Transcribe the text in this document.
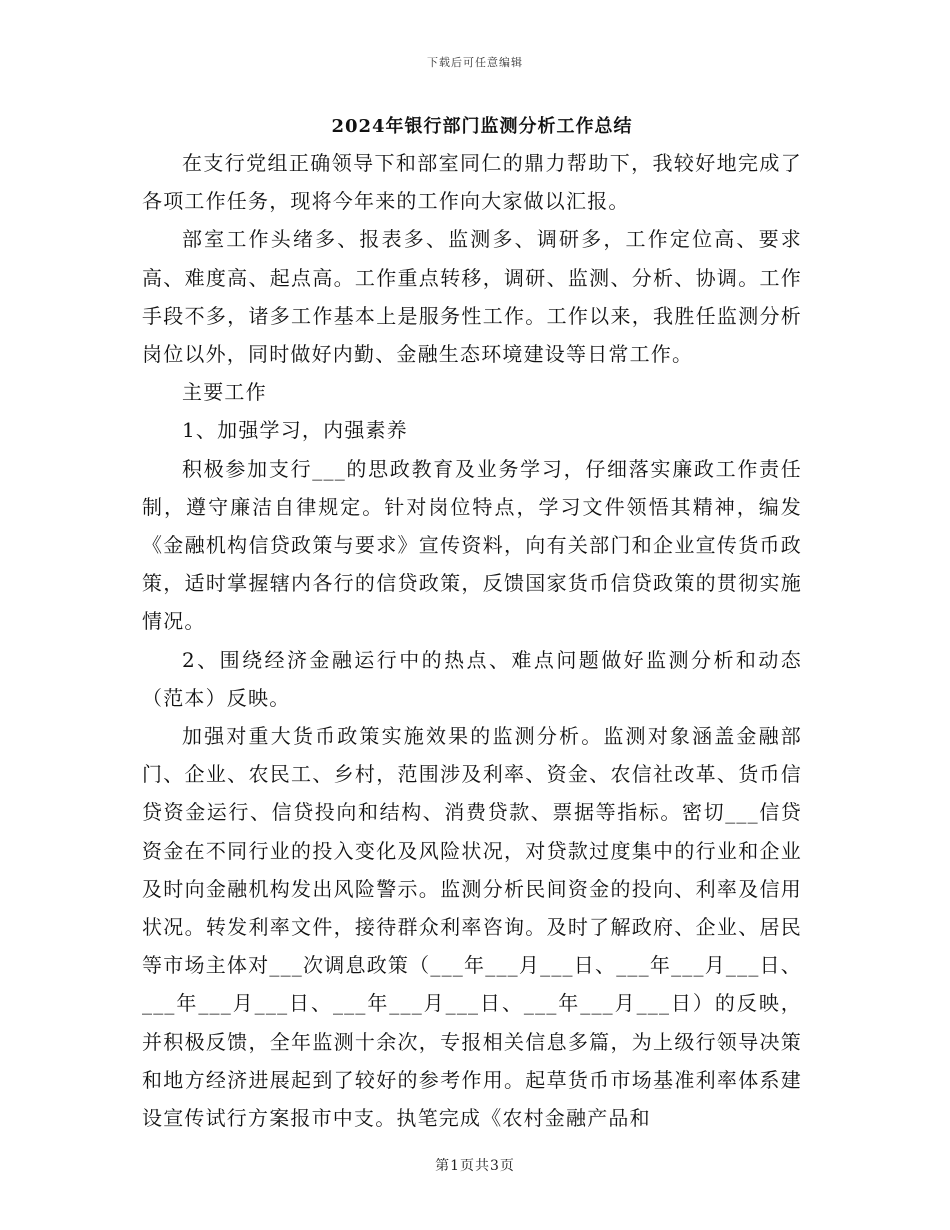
下载后可任意编辑
2024年银行部门监测分析工作总结

在支行党组正确领导下和部室同仁的鼎力帮助下，我较好地完成了各项工作任务，现将今年来的工作向大家做以汇报。

部室工作头绪多、报表多、监测多、调研多，工作定位高、要求高、难度高、起点高。工作重点转移，调研、监测、分析、协调。工作手段不多，诸多工作基本上是服务性工作。工作以来，我胜任监测分析岗位以外，同时做好内勤、金融生态环境建设等日常工作。

主要工作

1、加强学习，内强素养

积极参加支行___的思政教育及业务学习，仔细落实廉政工作责任制，遵守廉洁自律规定。针对岗位特点，学习文件领悟其精神，编发《金融机构信贷政策与要求》宣传资料，向有关部门和企业宣传货币政策，适时掌握辖内各行的信贷政策，反馈国家货币信贷政策的贯彻实施情况。

2、围绕经济金融运行中的热点、难点问题做好监测分析和动态（范本）反映。

加强对重大货币政策实施效果的监测分析。监测对象涵盖金融部门、企业、农民工、乡村，范围涉及利率、资金、农信社改革、货币信贷资金运行、信贷投向和结构、消费贷款、票据等指标。密切___信贷资金在不同行业的投入变化及风险状况，对贷款过度集中的行业和企业及时向金融机构发出风险警示。监测分析民间资金的投向、利率及信用状况。转发利率文件，接待群众利率咨询。及时了解政府、企业、居民等市场主体对___次调息政策（___年___月___日、___年___月___日、___年___月___日、___年___月___日、___年___月___日）的反映，并积极反馈，全年监测十余次，专报相关信息多篇，为上级行领导决策和地方经济进展起到了较好的参考作用。起草货币市场基准利率体系建设宣传试行方案报市中支。执笔完成《农村金融产品和

第1页共3页
